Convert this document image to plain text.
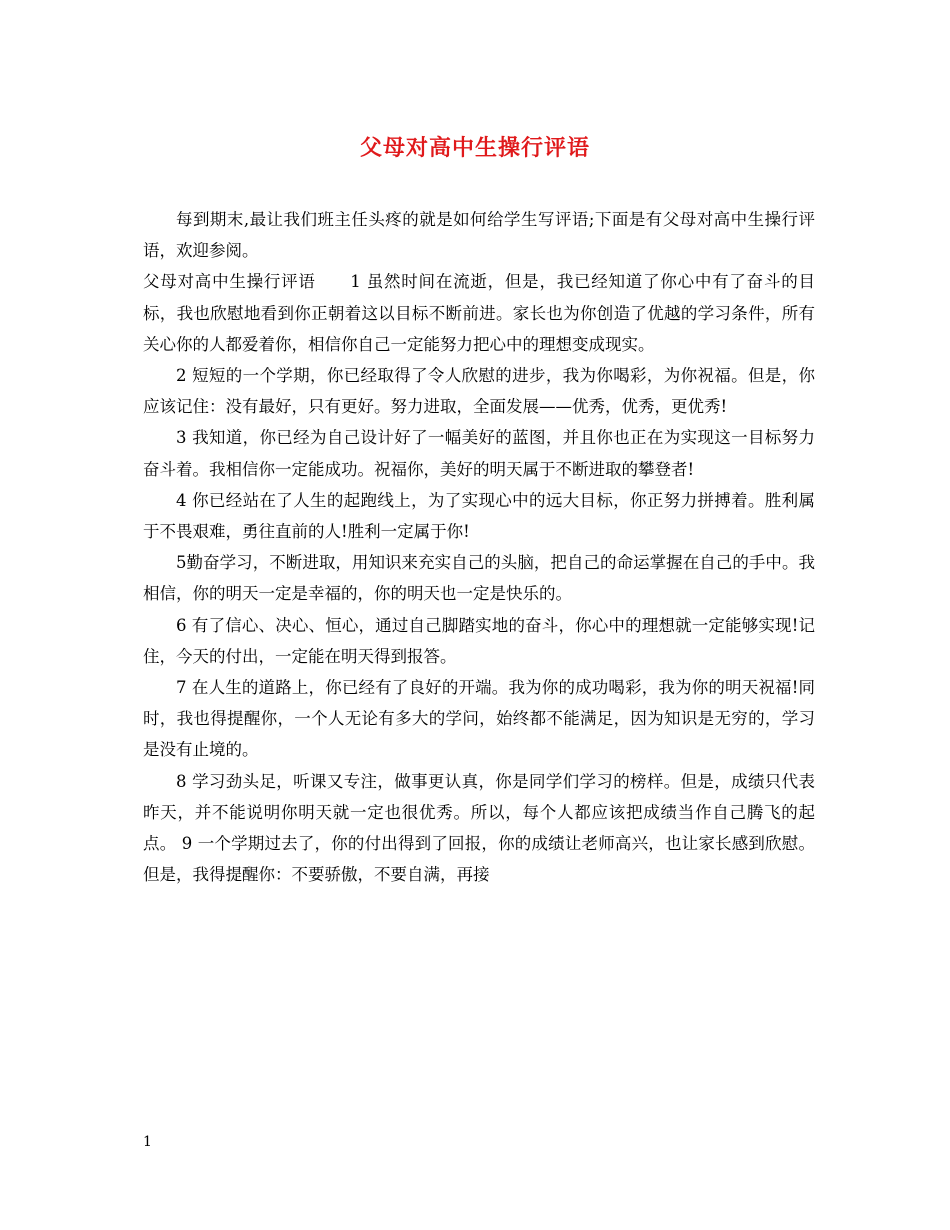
父母对高中生操行评语

每到期末,最让我们班主任头疼的就是如何给学生写评语;下面是有父母对高中生操行评语，欢迎参阅。

父母对高中生操行评语　　1 虽然时间在流逝，但是，我已经知道了你心中有了奋斗的目标，我也欣慰地看到你正朝着这以目标不断前进。家长也为你创造了优越的学习条件，所有关心你的人都爱着你，相信你自己一定能努力把心中的理想变成现实。

2 短短的一个学期，你已经取得了令人欣慰的进步，我为你喝彩，为你祝福。但是，你应该记住：没有最好，只有更好。努力进取，全面发展——优秀，优秀，更优秀!

3 我知道，你已经为自己设计好了一幅美好的蓝图，并且你也正在为实现这一目标努力奋斗着。我相信你一定能成功。祝福你，美好的明天属于不断进取的攀登者!

4 你已经站在了人生的起跑线上，为了实现心中的远大目标，你正努力拼搏着。胜利属于不畏艰难，勇往直前的人!胜利一定属于你!

5勤奋学习，不断进取，用知识来充实自己的头脑，把自己的命运掌握在自己的手中。我相信，你的明天一定是幸福的，你的明天也一定是快乐的。

6 有了信心、决心、恒心，通过自己脚踏实地的奋斗，你心中的理想就一定能够实现!记住，今天的付出，一定能在明天得到报答。

7 在人生的道路上，你已经有了良好的开端。我为你的成功喝彩，我为你的明天祝福!同时，我也得提醒你，一个人无论有多大的学问，始终都不能满足，因为知识是无穷的，学习是没有止境的。

8 学习劲头足，听课又专注，做事更认真，你是同学们学习的榜样。但是，成绩只代表昨天，并不能说明你明天就一定也很优秀。所以，每个人都应该把成绩当作自己腾飞的起点。 9 一个学期过去了，你的付出得到了回报，你的成绩让老师高兴，也让家长感到欣慰。但是，我得提醒你：不要骄傲，不要自满，再接

1
